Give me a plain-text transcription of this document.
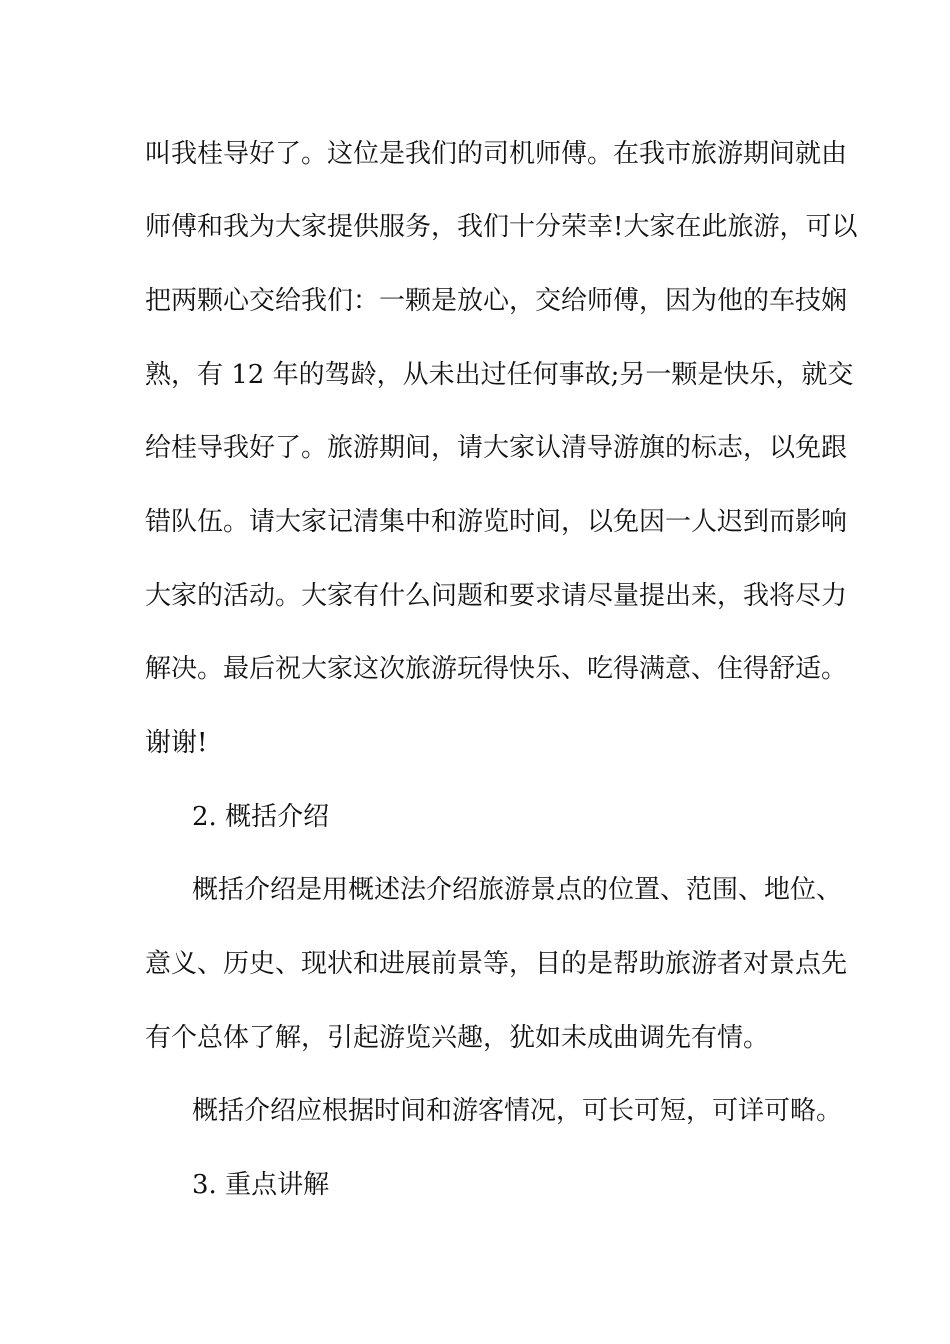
叫我桂导好了。这位是我们的司机师傅。在我市旅游期间就由

师傅和我为大家提供服务，我们十分荣幸!大家在此旅游，可以

把两颗心交给我们：一颗是放心，交给师傅，因为他的车技娴

熟，有 12 年的驾龄，从未出过任何事故;另一颗是快乐，就交

给桂导我好了。旅游期间，请大家认清导游旗的标志，以免跟

错队伍。请大家记清集中和游览时间，以免因一人迟到而影响

大家的活动。大家有什么问题和要求请尽量提出来，我将尽力

解决。最后祝大家这次旅游玩得快乐、吃得满意、住得舒适。

谢谢!

2. 概括介绍

概括介绍是用概述法介绍旅游景点的位置、范围、地位、

意义、历史、现状和进展前景等，目的是帮助旅游者对景点先

有个总体了解，引起游览兴趣，犹如未成曲调先有情。

概括介绍应根据时间和游客情况，可长可短，可详可略。

3. 重点讲解
